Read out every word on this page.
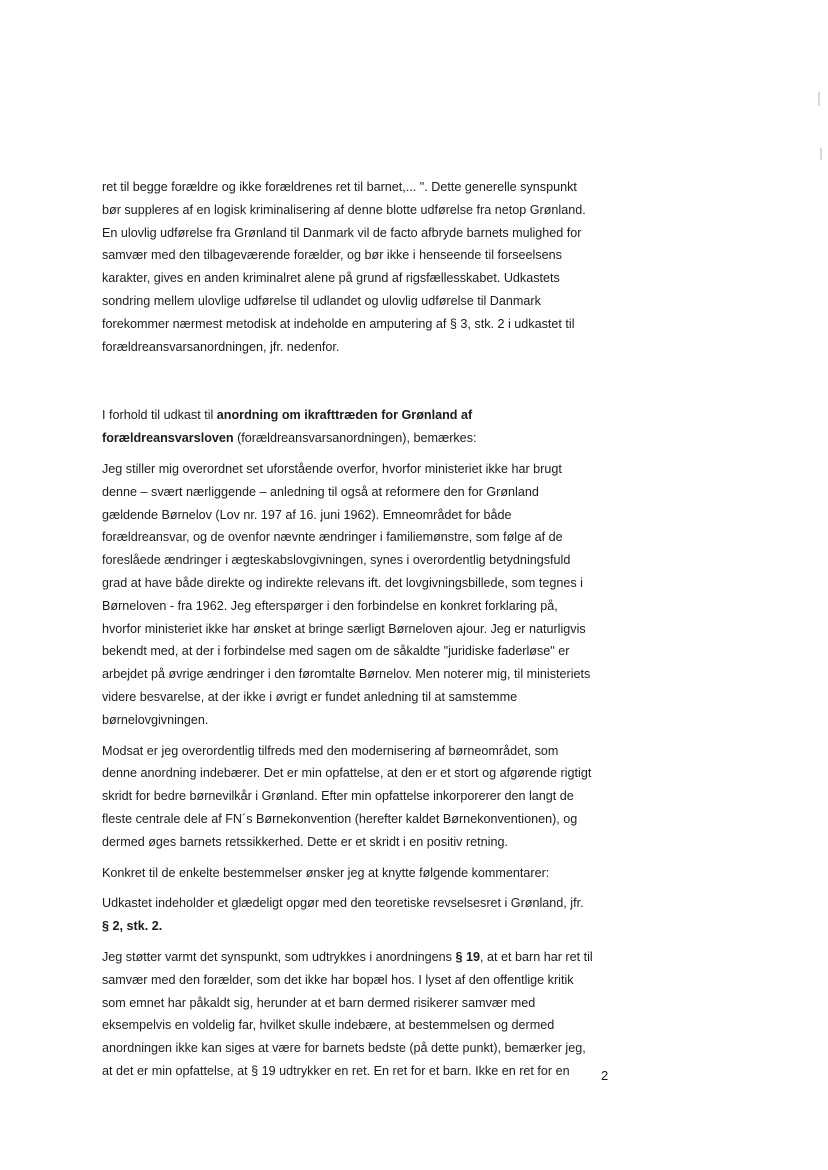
ret til begge forældre og ikke forældrenes ret til barnet,... ". Dette generelle synspunkt
bør suppleres af en logisk kriminalisering af denne blotte udførelse fra netop Grønland.
En ulovlig udførelse fra Grønland til Danmark vil de facto afbryde barnets mulighed for
samvær med den tilbageværende forælder, og bør ikke i henseende til forseelsens
karakter, gives en anden kriminalret alene på grund af rigsfællesskabet. Udkastets
sondring mellem ulovlige udførelse til udlandet og ulovlig udførelse til Danmark
forekommer nærmest metodisk at indeholde en amputering af § 3, stk. 2 i udkastet til
forældreansvarsanordningen, jfr. nedenfor.

I forhold til udkast til anordning om ikrafttræden for Grønland af
forældreansvarsloven (forældreansvarsanordningen), bemærkes:

Jeg stiller mig overordnet set uforstående overfor, hvorfor ministeriet ikke har brugt
denne – svært nærliggende – anledning til også at reformere den for Grønland
gældende Børnelov (Lov nr. 197 af 16. juni 1962). Emneområdet for både
forældreansvar, og de ovenfor nævnte ændringer i familiemønstre, som følge af de
foreslåede ændringer i ægteskabslovgivningen, synes i overordentlig betydningsfuld
grad at have både direkte og indirekte relevans ift. det lovgivningsbillede, som tegnes i
Børneloven - fra 1962. Jeg efterspørger i den forbindelse en konkret forklaring på,
hvorfor ministeriet ikke har ønsket at bringe særligt Børneloven ajour. Jeg er naturligvis
bekendt med, at der i forbindelse med sagen om de såkaldte "juridiske faderløse" er
arbejdet på øvrige ændringer i den føromtalte Børnelov. Men noterer mig, til ministeriets
videre besvarelse, at der ikke i øvrigt er fundet anledning til at samstemme
børnelovgivningen.

Modsat er jeg overordentlig tilfreds med den modernisering af børneområdet, som
denne anordning indebærer. Det er min opfattelse, at den er et stort og afgørende rigtigt
skridt for bedre børnevilkår i Grønland. Efter min opfattelse inkorporerer den langt de
fleste centrale dele af FN´s Børnekonvention (herefter kaldet Børnekonventionen), og
dermed øges barnets retssikkerhed. Dette er et skridt i en positiv retning.

Konkret til de enkelte bestemmelser ønsker jeg at knytte følgende kommentarer:

Udkastet indeholder et glædeligt opgør med den teoretiske revselsesret i Grønland, jfr.
§ 2, stk. 2.

Jeg støtter varmt det synspunkt, som udtrykkes i anordningens § 19, at et barn har ret til
samvær med den forælder, som det ikke har bopæl hos. I lyset af den offentlige kritik
som emnet har påkaldt sig, herunder at et barn dermed risikerer samvær med
eksempelvis en voldelig far, hvilket skulle indebære, at bestemmelsen og dermed
anordningen ikke kan siges at være for barnets bedste (på dette punkt), bemærker jeg,
at det er min opfattelse, at § 19 udtrykker en ret. En ret for et barn. Ikke en ret for en	2
